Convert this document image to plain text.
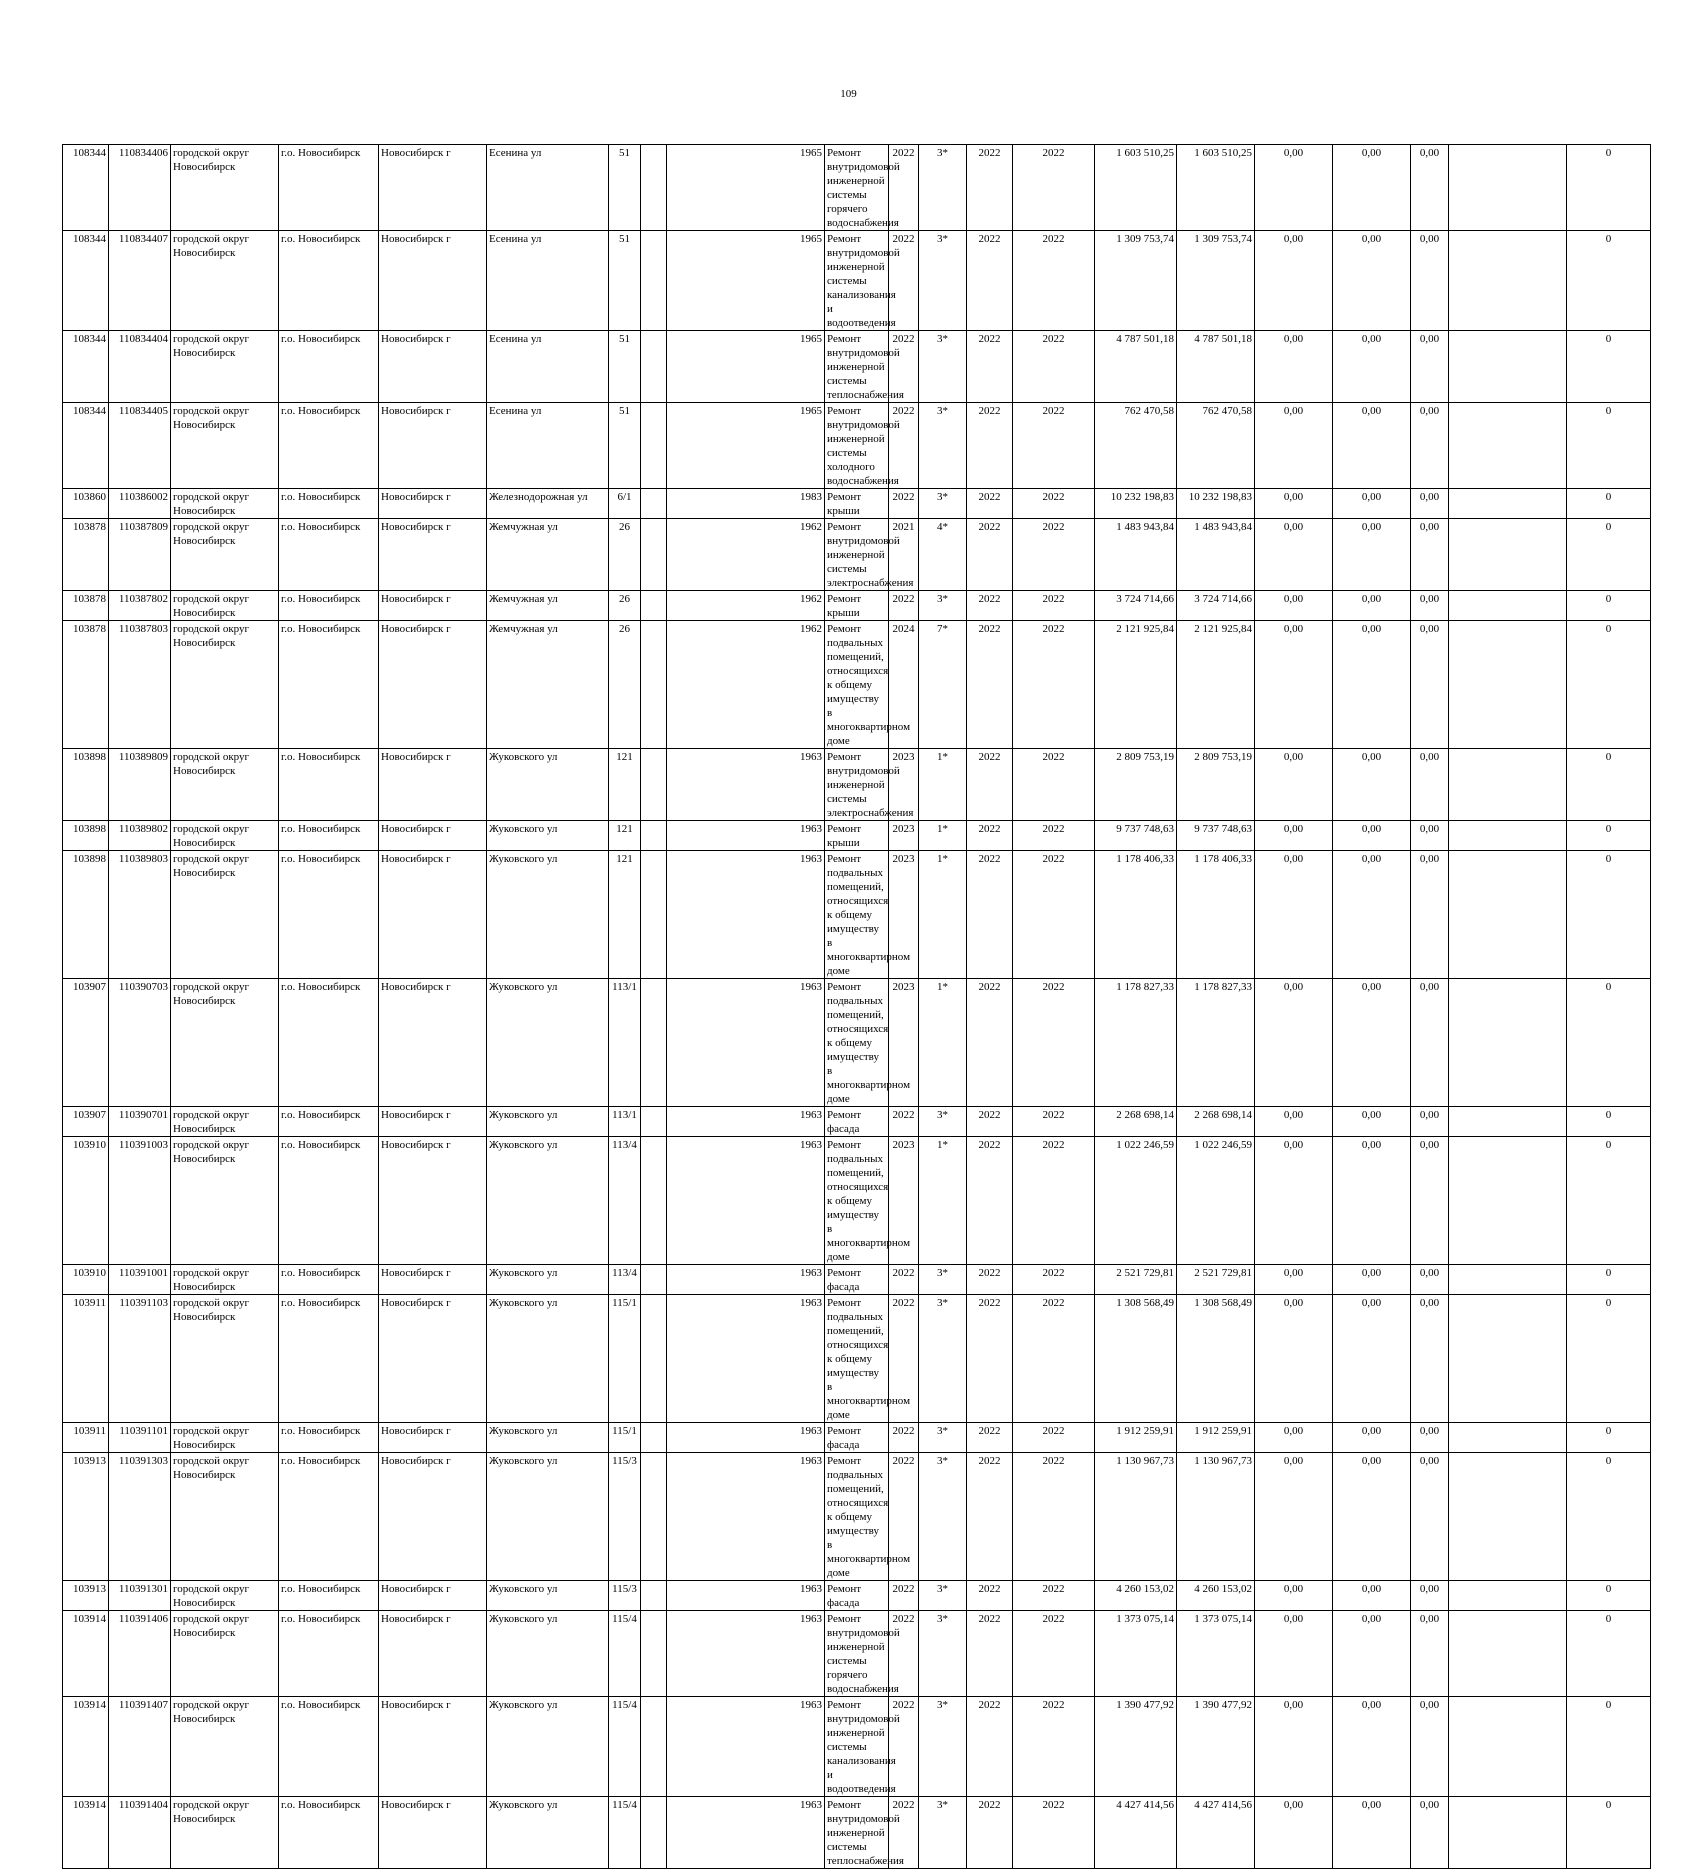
109
108344	110834406	городской округ Новосибирск	г.о. Новосибирск	Новосибирск г	Есенина ул	51		1965	Ремонт внутридомовой инженерной системы горячего водоснабжения	2022	3*	2022	2022	1 603 510,25	1 603 510,25	0,00	0,00	0,00		0
108344	110834407	городской округ Новосибирск	г.о. Новосибирск	Новосибирск г	Есенина ул	51		1965	Ремонт внутридомовой инженерной системы канализования и водоотведения	2022	3*	2022	2022	1 309 753,74	1 309 753,74	0,00	0,00	0,00		0
108344	110834404	городской округ Новосибирск	г.о. Новосибирск	Новосибирск г	Есенина ул	51		1965	Ремонт внутридомовой инженерной системы теплоснабжения	2022	3*	2022	2022	4 787 501,18	4 787 501,18	0,00	0,00	0,00		0
108344	110834405	городской округ Новосибирск	г.о. Новосибирск	Новосибирск г	Есенина ул	51		1965	Ремонт внутридомовой инженерной системы холодного водоснабжения	2022	3*	2022	2022	762 470,58	762 470,58	0,00	0,00	0,00		0
103860	110386002	городской округ Новосибирск	г.о. Новосибирск	Новосибирск г	Железнодорожная ул	6/1		1983	Ремонт крыши	2022	3*	2022	2022	10 232 198,83	10 232 198,83	0,00	0,00	0,00		0
103878	110387809	городской округ Новосибирск	г.о. Новосибирск	Новосибирск г	Жемчужная ул	26		1962	Ремонт внутридомовой инженерной системы электроснабжения	2021	4*	2022	2022	1 483 943,84	1 483 943,84	0,00	0,00	0,00		0
103878	110387802	городской округ Новосибирск	г.о. Новосибирск	Новосибирск г	Жемчужная ул	26		1962	Ремонт крыши	2022	3*	2022	2022	3 724 714,66	3 724 714,66	0,00	0,00	0,00		0
103878	110387803	городской округ Новосибирск	г.о. Новосибирск	Новосибирск г	Жемчужная ул	26		1962	Ремонт подвальных помещений, относящихся к общему имуществу в многоквартирном доме	2024	7*	2022	2022	2 121 925,84	2 121 925,84	0,00	0,00	0,00		0
103898	110389809	городской округ Новосибирск	г.о. Новосибирск	Новосибирск г	Жуковского ул	121		1963	Ремонт внутридомовой инженерной системы электроснабжения	2023	1*	2022	2022	2 809 753,19	2 809 753,19	0,00	0,00	0,00		0
103898	110389802	городской округ Новосибирск	г.о. Новосибирск	Новосибирск г	Жуковского ул	121		1963	Ремонт крыши	2023	1*	2022	2022	9 737 748,63	9 737 748,63	0,00	0,00	0,00		0
103898	110389803	городской округ Новосибирск	г.о. Новосибирск	Новосибирск г	Жуковского ул	121		1963	Ремонт подвальных помещений, относящихся к общему имуществу в многоквартирном доме	2023	1*	2022	2022	1 178 406,33	1 178 406,33	0,00	0,00	0,00		0
103907	110390703	городской округ Новосибирск	г.о. Новосибирск	Новосибирск г	Жуковского ул	113/1		1963	Ремонт подвальных помещений, относящихся к общему имуществу в многоквартирном доме	2023	1*	2022	2022	1 178 827,33	1 178 827,33	0,00	0,00	0,00		0
103907	110390701	городской округ Новосибирск	г.о. Новосибирск	Новосибирск г	Жуковского ул	113/1		1963	Ремонт фасада	2022	3*	2022	2022	2 268 698,14	2 268 698,14	0,00	0,00	0,00		0
103910	110391003	городской округ Новосибирск	г.о. Новосибирск	Новосибирск г	Жуковского ул	113/4		1963	Ремонт подвальных помещений, относящихся к общему имуществу в многоквартирном доме	2023	1*	2022	2022	1 022 246,59	1 022 246,59	0,00	0,00	0,00		0
103910	110391001	городской округ Новосибирск	г.о. Новосибирск	Новосибирск г	Жуковского ул	113/4		1963	Ремонт фасада	2022	3*	2022	2022	2 521 729,81	2 521 729,81	0,00	0,00	0,00		0
103911	110391103	городской округ Новосибирск	г.о. Новосибирск	Новосибирск г	Жуковского ул	115/1		1963	Ремонт подвальных помещений, относящихся к общему имуществу в многоквартирном доме	2022	3*	2022	2022	1 308 568,49	1 308 568,49	0,00	0,00	0,00		0
103911	110391101	городской округ Новосибирск	г.о. Новосибирск	Новосибирск г	Жуковского ул	115/1		1963	Ремонт фасада	2022	3*	2022	2022	1 912 259,91	1 912 259,91	0,00	0,00	0,00		0
103913	110391303	городской округ Новосибирск	г.о. Новосибирск	Новосибирск г	Жуковского ул	115/3		1963	Ремонт подвальных помещений, относящихся к общему имуществу в многоквартирном доме	2022	3*	2022	2022	1 130 967,73	1 130 967,73	0,00	0,00	0,00		0
103913	110391301	городской округ Новосибирск	г.о. Новосибирск	Новосибирск г	Жуковского ул	115/3		1963	Ремонт фасада	2022	3*	2022	2022	4 260 153,02	4 260 153,02	0,00	0,00	0,00		0
103914	110391406	городской округ Новосибирск	г.о. Новосибирск	Новосибирск г	Жуковского ул	115/4		1963	Ремонт внутридомовой инженерной системы горячего водоснабжения	2022	3*	2022	2022	1 373 075,14	1 373 075,14	0,00	0,00	0,00		0
103914	110391407	городской округ Новосибирск	г.о. Новосибирск	Новосибирск г	Жуковского ул	115/4		1963	Ремонт внутридомовой инженерной системы канализования и водоотведения	2022	3*	2022	2022	1 390 477,92	1 390 477,92	0,00	0,00	0,00		0
103914	110391404	городской округ Новосибирск	г.о. Новосибирск	Новосибирск г	Жуковского ул	115/4		1963	Ремонт внутридомовой инженерной системы теплоснабжения	2022	3*	2022	2022	4 427 414,56	4 427 414,56	0,00	0,00	0,00		0
